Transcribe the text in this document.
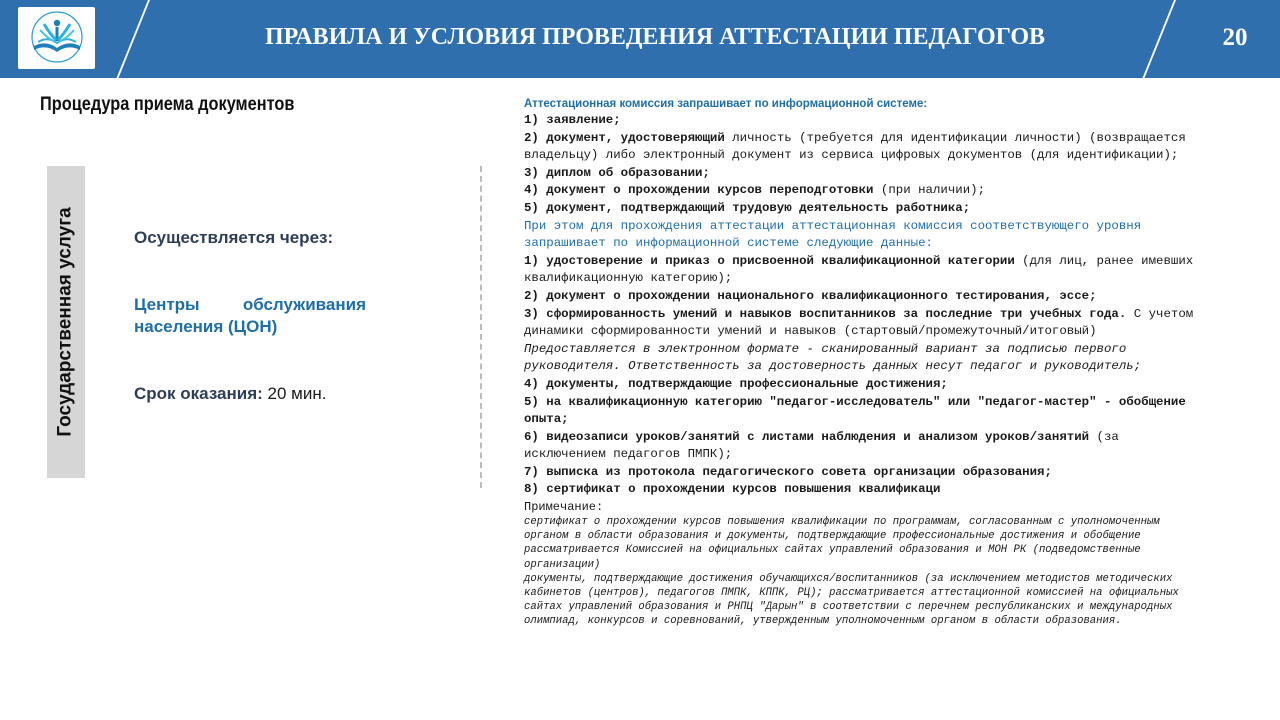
ПРАВИЛА И УСЛОВИЯ ПРОВЕДЕНИЯ АТТЕСТАЦИИ ПЕДАГОГОВ	20
Процедура приема документов
Государственная услуга	Осуществляется через:
Центры обслуживания населения (ЦОН)
Срок оказания: 20 мин.

Аттестационная комиссия запрашивает по информационной системе:

1) заявление;

2) документ, удостоверяющий личность (требуется для идентификации личности) (возвращается владельцу) либо электронный документ из сервиса цифровых документов (для идентификации);

3) диплом об образовании;

4) документ о прохождении курсов переподготовки (при наличии);

5) документ, подтверждающий трудовую деятельность работника;

При этом для прохождения аттестации аттестационная комиссия соответствующего уровня запрашивает по информационной системе следующие данные:

1) удостоверение и приказ о присвоенной квалификационной категории (для лиц, ранее имевших квалификационную категорию);

2) документ о прохождении национального квалификационного тестирования, эссе;

3) сформированность умений и навыков воспитанников за последние три учебных года. С учетом динамики сформированности умений и навыков (стартовый/промежуточный/итоговый)

Предоставляется в электронном формате - сканированный вариант за подписью первого руководителя. Ответственность за достоверность данных несут педагог и руководитель;

4) документы, подтверждающие профессиональные достижения;

5) на квалификационную категорию "педагог-исследователь" или "педагог-мастер" - обобщение опыта;

6) видеозаписи уроков/занятий с листами наблюдения и анализом уроков/занятий (за исключением педагогов ПМПК);

7) выписка из протокола педагогического совета организации образования;

8) сертификат о прохождении курсов повышения квалификаци

Примечание:

сертификат о прохождении курсов повышения квалификации по программам, согласованным с уполномоченным органом в области образования и документы, подтверждающие профессиональные достижения и обобщение рассматривается Комиссией на официальных сайтах управлений образования и МОН РК (подведомственные организации)

документы, подтверждающие достижения обучающихся/воспитанников (за исключением методистов методических кабинетов (центров), педагогов ПМПК, КППК, РЦ); рассматривается аттестационной комиссией на официальных сайтах управлений образования и РНПЦ "Дарын" в соответствии с перечнем республиканских и международных олимпиад, конкурсов и соревнований, утвержденным уполномоченным органом в области образования.
